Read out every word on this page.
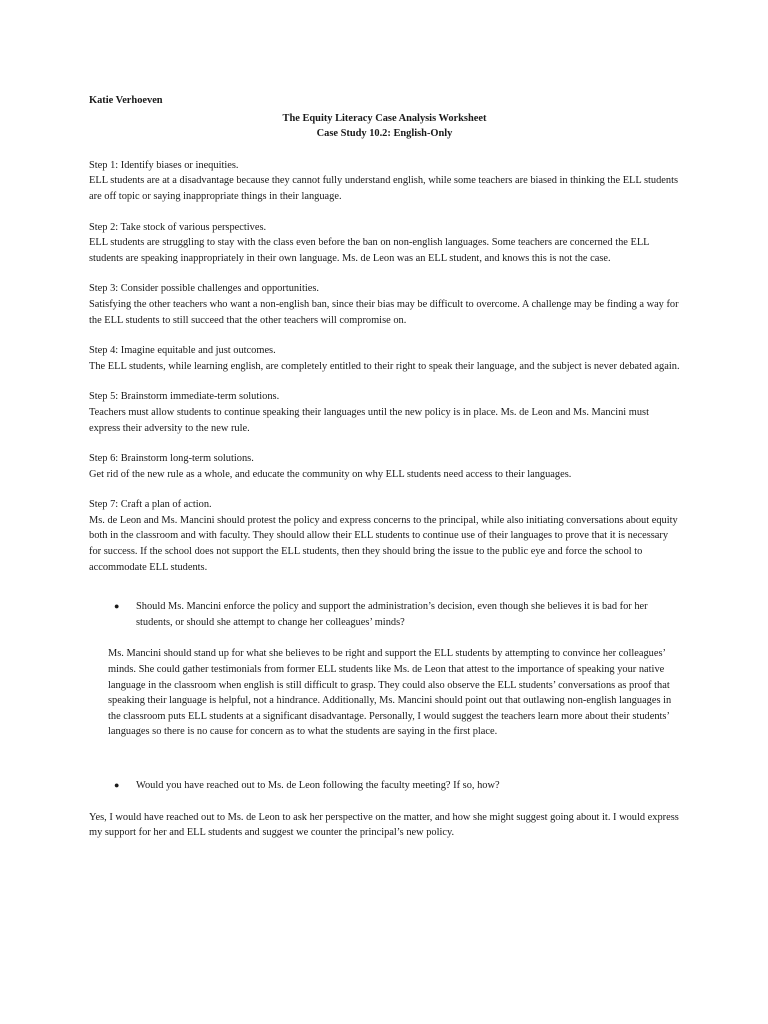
Katie Verhoeven

The Equity Literacy Case Analysis Worksheet
Case Study 10.2: English-Only

Step 1: Identify biases or inequities.

ELL students are at a disadvantage because they cannot fully understand english, while some teachers are biased in thinking the ELL students are off topic or saying inappropriate things in their language.

Step 2: Take stock of various perspectives.

ELL students are struggling to stay with the class even before the ban on non-english languages. Some teachers are concerned the ELL students are speaking inappropriately in their own language. Ms. de Leon was an ELL student, and knows this is not the case.

Step 3: Consider possible challenges and opportunities.

Satisfying the other teachers who want a non-english ban, since their bias may be difficult to overcome. A challenge may be finding a way for the ELL students to still succeed that the other teachers will compromise on.

Step 4: Imagine equitable and just outcomes.

The ELL students, while learning english, are completely entitled to their right to speak their language, and the subject is never debated again.

Step 5: Brainstorm immediate-term solutions.

Teachers must allow students to continue speaking their languages until the new policy is in place. Ms. de Leon and Ms. Mancini must express their adversity to the new rule.

Step 6: Brainstorm long-term solutions.

Get rid of the new rule as a whole, and educate the community on why ELL students need access to their languages.

Step 7: Craft a plan of action.

Ms. de Leon and Ms. Mancini should protest the policy and express concerns to the principal, while also initiating conversations about equity both in the classroom and with faculty. They should allow their ELL students to continue use of their languages to prove that it is necessary for success. If the school does not support the ELL students, then they should bring the issue to the public eye and force the school to accommodate ELL students.

● Should Ms. Mancini enforce the policy and support the administration’s decision, even though she believes it is bad for her students, or should she attempt to change her colleagues’ minds?

Ms. Mancini should stand up for what she believes to be right and support the ELL students by attempting to convince her colleagues’ minds. She could gather testimonials from former ELL students like Ms. de Leon that attest to the importance of speaking your native language in the classroom when english is still difficult to grasp. They could also observe the ELL students’ conversations as proof that speaking their language is helpful, not a hindrance. Additionally, Ms. Mancini should point out that outlawing non-english languages in the classroom puts ELL students at a significant disadvantage. Personally, I would suggest the teachers learn more about their students’ languages so there is no cause for concern as to what the students are saying in the first place.

● Would you have reached out to Ms. de Leon following the faculty meeting? If so, how?

Yes, I would have reached out to Ms. de Leon to ask her perspective on the matter, and how she might suggest going about it. I would express my support for her and ELL students and suggest we counter the principal’s new policy.
